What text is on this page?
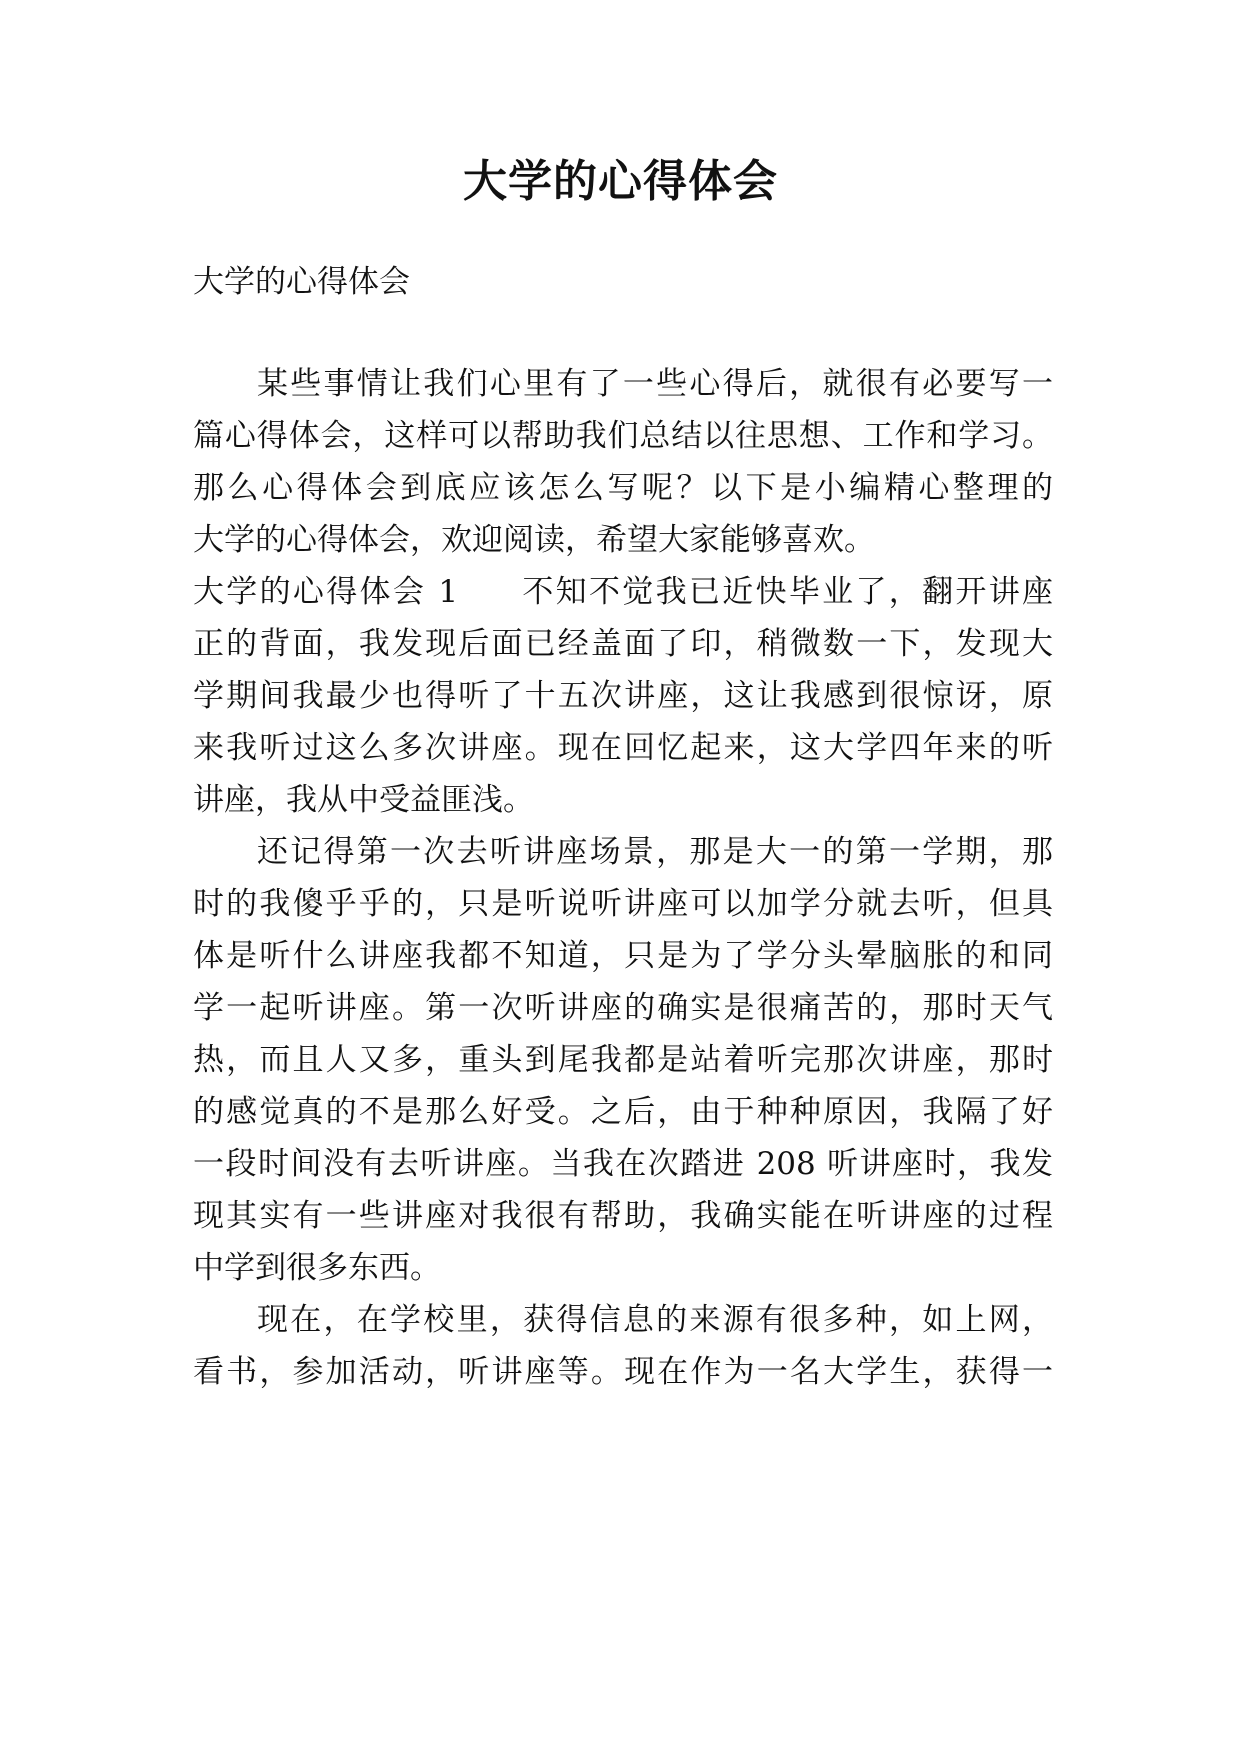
大学的心得体会

大学的心得体会

某些事情让我们心里有了一些心得后，就很有必要写一

篇心得体会，这样可以帮助我们总结以往思想、工作和学习。

那么心得体会到底应该怎么写呢？以下是小编精心整理的

大学的心得体会，欢迎阅读，希望大家能够喜欢。

大学的心得体会 1 不知不觉我已近快毕业了，翻开讲座

正的背面，我发现后面已经盖面了印，稍微数一下，发现大

学期间我最少也得听了十五次讲座，这让我感到很惊讶，原

来我听过这么多次讲座。现在回忆起来，这大学四年来的听

讲座，我从中受益匪浅。

还记得第一次去听讲座场景，那是大一的第一学期，那

时的我傻乎乎的，只是听说听讲座可以加学分就去听，但具

体是听什么讲座我都不知道，只是为了学分头晕脑胀的和同

学一起听讲座。第一次听讲座的确实是很痛苦的，那时天气

热，而且人又多，重头到尾我都是站着听完那次讲座，那时

的感觉真的不是那么好受。之后，由于种种原因，我隔了好

一段时间没有去听讲座。当我在次踏进 208 听讲座时，我发

现其实有一些讲座对我很有帮助，我确实能在听讲座的过程

中学到很多东西。

现在，在学校里，获得信息的来源有很多种，如上网，

看书，参加活动，听讲座等。现在作为一名大学生，获得一
